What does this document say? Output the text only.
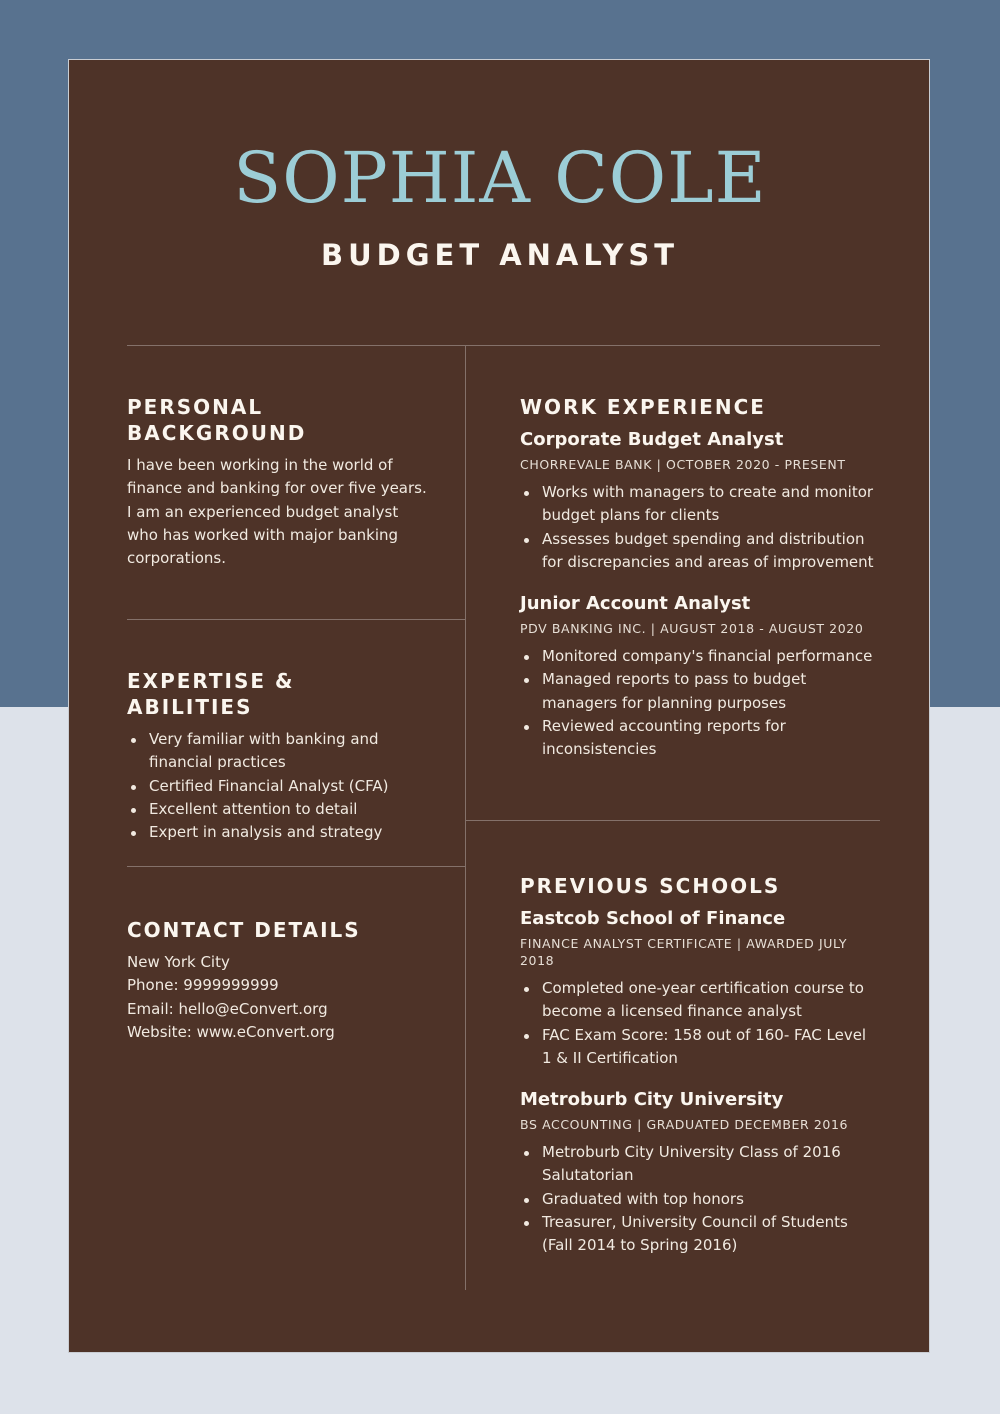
SOPHIA COLE
BUDGET ANALYST
PERSONAL
BACKGROUND
I have been working in the world of
finance and banking for over five years.
I am an experienced budget analyst
who has worked with major banking
corporations.
EXPERTISE & ABILITIES
Very familiar with banking and financial practices
Certified Financial Analyst (CFA)
Excellent attention to detail
Expert in analysis and strategy
CONTACT DETAILS
New York City
Phone: 9999999999
Email: hello@eConvert.org
Website: www.eConvert.org
WORK EXPERIENCE
Corporate Budget Analyst
CHORREVALE BANK | OCTOBER 2020 - PRESENT
Works with managers to create and monitor budget plans for clients
Assesses budget spending and distribution for discrepancies and areas of improvement
Junior Account Analyst
PDV BANKING INC. | AUGUST 2018 - AUGUST 2020
Monitored company's financial performance
Managed reports to pass to budget managers for planning purposes
Reviewed accounting reports for inconsistencies
PREVIOUS SCHOOLS
Eastcob School of Finance
FINANCE ANALYST CERTIFICATE | AWARDED JULY 2018
Completed one-year certification course to become a licensed finance analyst
FAC Exam Score: 158 out of 160- FAC Level 1 & II Certification
Metroburb City University
BS ACCOUNTING | GRADUATED DECEMBER 2016
Metroburb City University Class of 2016 Salutatorian
Graduated with top honors
Treasurer, University Council of Students (Fall 2014 to Spring 2016)
